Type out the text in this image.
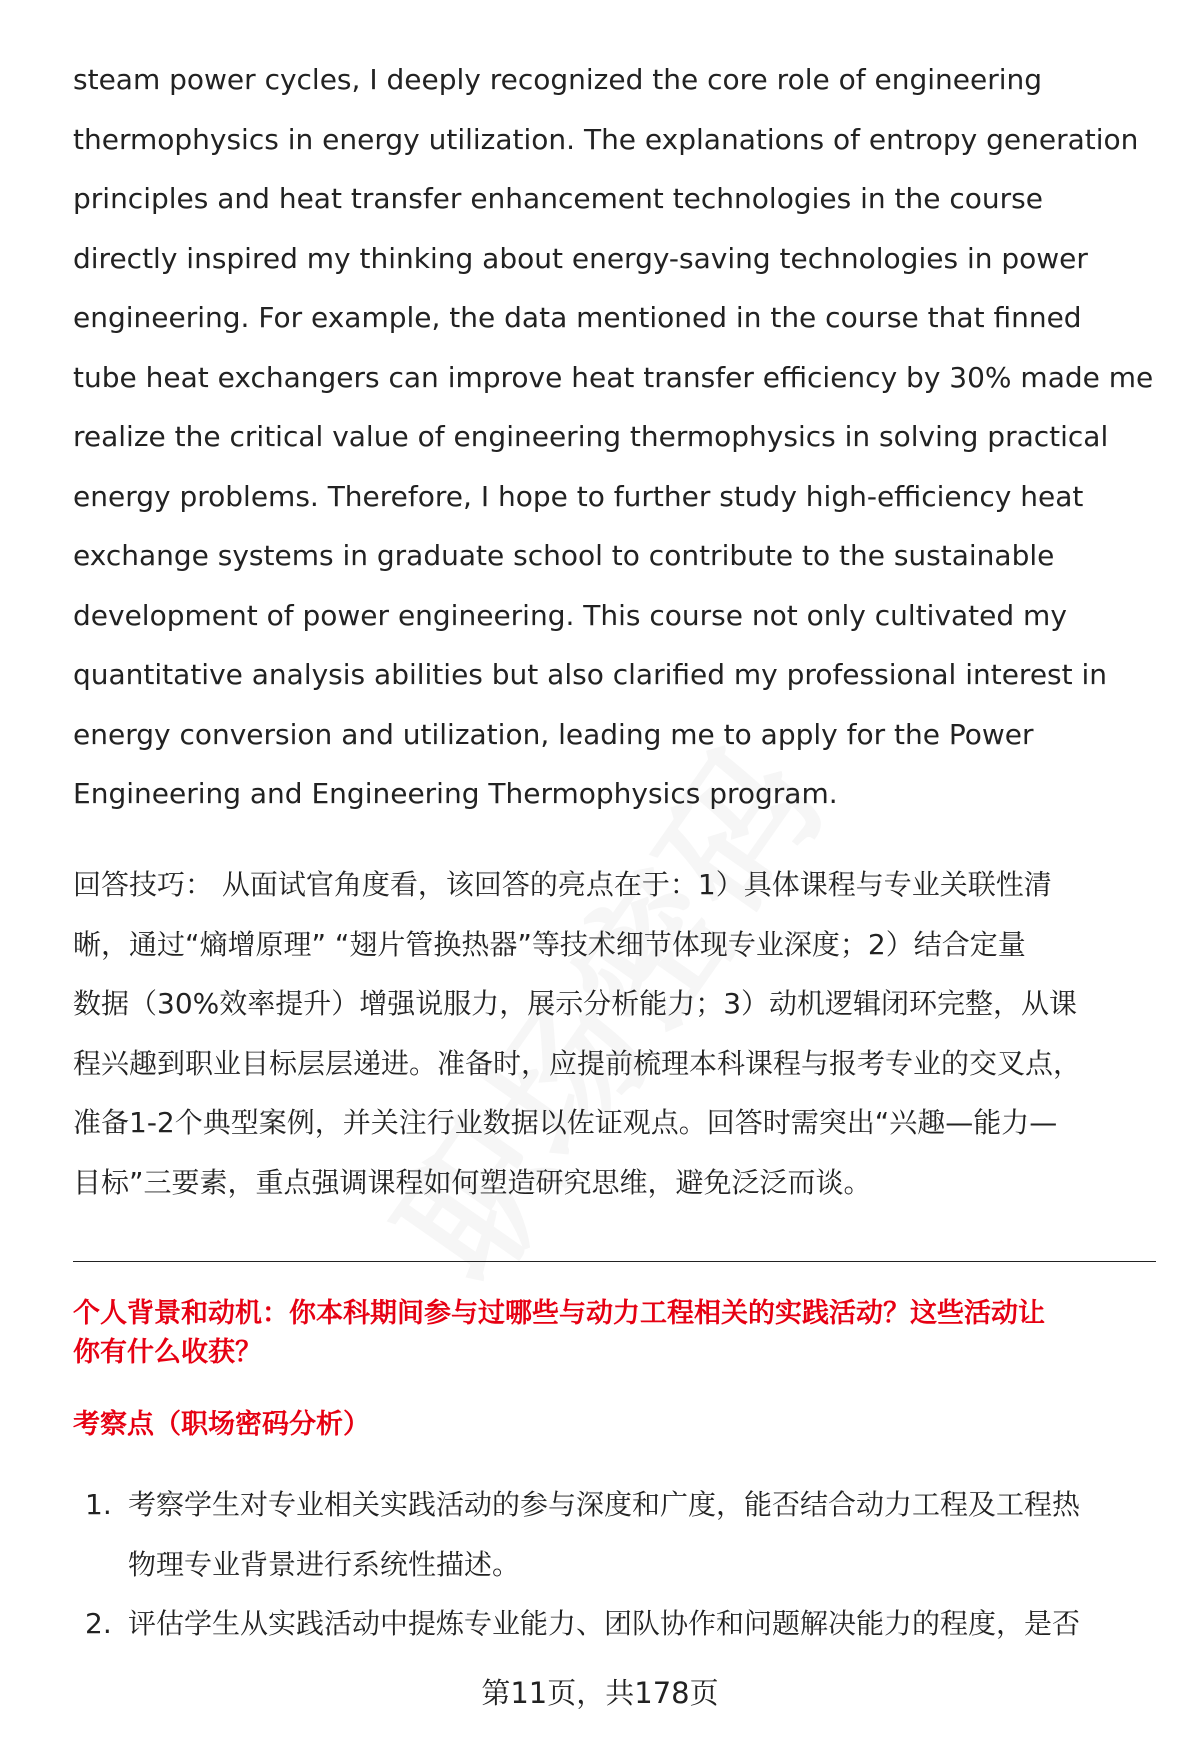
steam power cycles, I deeply recognized the core role of engineering
thermophysics in energy utilization. The explanations of entropy generation
principles and heat transfer enhancement technologies in the course
directly inspired my thinking about energy-saving technologies in power
engineering. For example, the data mentioned in the course that finned
tube heat exchangers can improve heat transfer efficiency by 30% made me
realize the critical value of engineering thermophysics in solving practical
energy problems. Therefore, I hope to further study high-efficiency heat
exchange systems in graduate school to contribute to the sustainable
development of power engineering. This course not only cultivated my
quantitative analysis abilities but also clarified my professional interest in
energy conversion and utilization, leading me to apply for the Power
Engineering and Engineering Thermophysics program.
回答技巧： 从面试官角度看，该回答的亮点在于：1）具体课程与专业关联性清
晰，通过“熵增原理” “翅片管换热器”等技术细节体现专业深度；2）结合定量
数据（30%效率提升）增强说服力，展示分析能力；3）动机逻辑闭环完整，从课
程兴趣到职业目标层层递进。准备时，应提前梳理本科课程与报考专业的交叉点，
准备1-2个典型案例，并关注行业数据以佐证观点。回答时需突出“兴趣—能力—
目标”三要素，重点强调课程如何塑造研究思维，避免泛泛而谈。
个人背景和动机：你本科期间参与过哪些与动力工程相关的实践活动？这些活动让
你有什么收获？
考察点（职场密码分析）
1. 考察学生对专业相关实践活动的参与深度和广度，能否结合动力工程及工程热
物理专业背景进行系统性描述。
2. 评估学生从实践活动中提炼专业能力、团队协作和问题解决能力的程度，是否
第11页，共178页
